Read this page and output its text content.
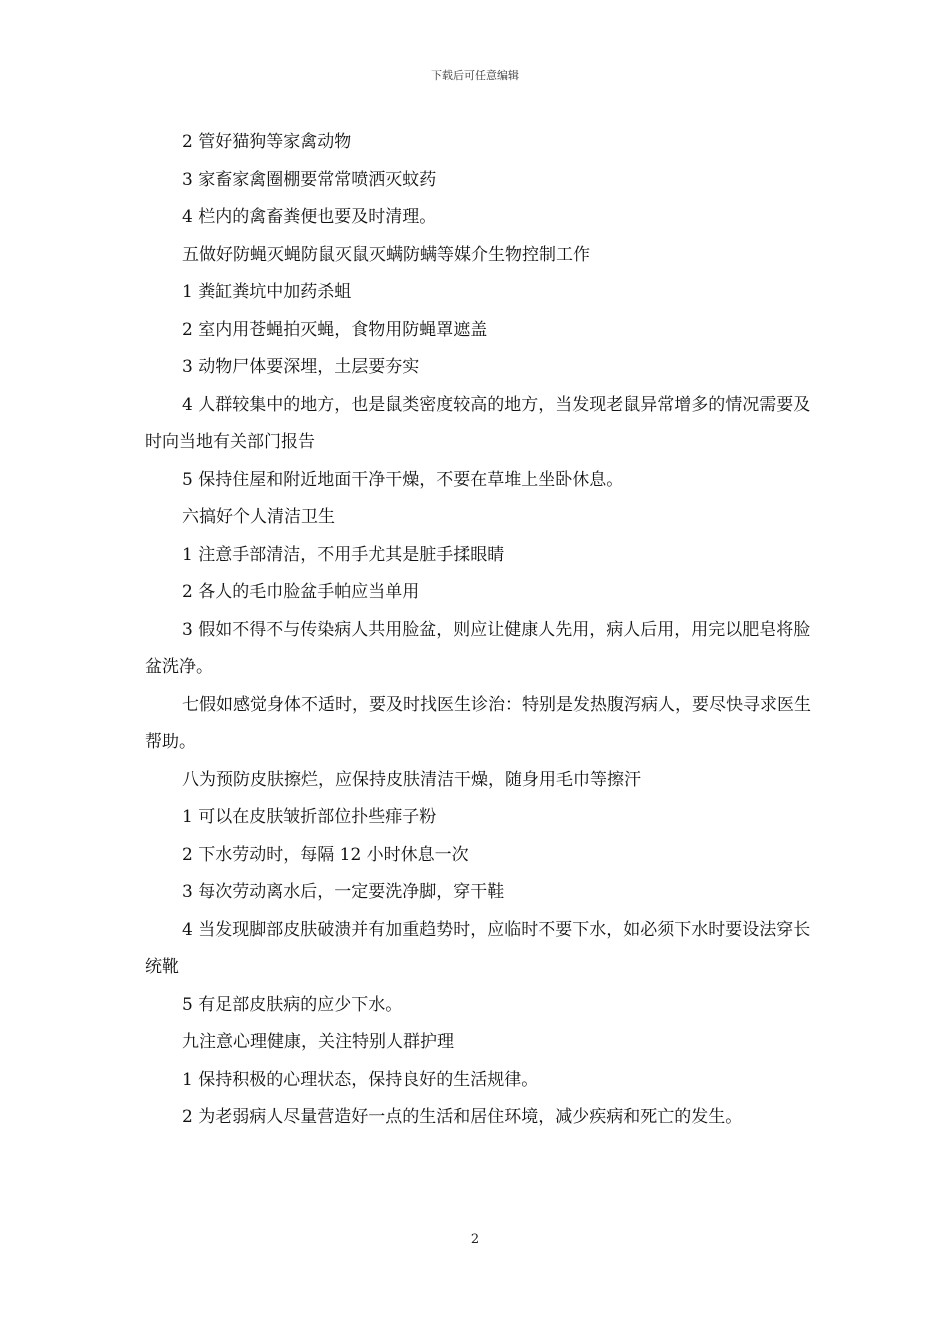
下载后可任意编辑

2 管好猫狗等家禽动物

3 家畜家禽圈棚要常常喷洒灭蚊药

4 栏内的禽畜粪便也要及时清理。

五做好防蝇灭蝇防鼠灭鼠灭螨防螨等媒介生物控制工作

1 粪缸粪坑中加药杀蛆

2 室内用苍蝇拍灭蝇，食物用防蝇罩遮盖

3 动物尸体要深埋，土层要夯实

4 人群较集中的地方，也是鼠类密度较高的地方，当发现老鼠异常增多的情况需要及时向当地有关部门报告

5 保持住屋和附近地面干净干燥，不要在草堆上坐卧休息。

六搞好个人清洁卫生

1 注意手部清洁，不用手尤其是脏手揉眼睛

2 各人的毛巾脸盆手帕应当单用

3 假如不得不与传染病人共用脸盆，则应让健康人先用，病人后用，用完以肥皂将脸盆洗净。

七假如感觉身体不适时，要及时找医生诊治：特别是发热腹泻病人，要尽快寻求医生帮助。

八为预防皮肤擦烂，应保持皮肤清洁干燥，随身用毛巾等擦汗

1 可以在皮肤皱折部位扑些痱子粉

2 下水劳动时，每隔 12 小时休息一次

3 每次劳动离水后，一定要洗净脚，穿干鞋

4 当发现脚部皮肤破溃并有加重趋势时，应临时不要下水，如必须下水时要设法穿长统靴

5 有足部皮肤病的应少下水。

九注意心理健康，关注特别人群护理

1 保持积极的心理状态，保持良好的生活规律。

2 为老弱病人尽量营造好一点的生活和居住环境，减少疾病和死亡的发生。

2
